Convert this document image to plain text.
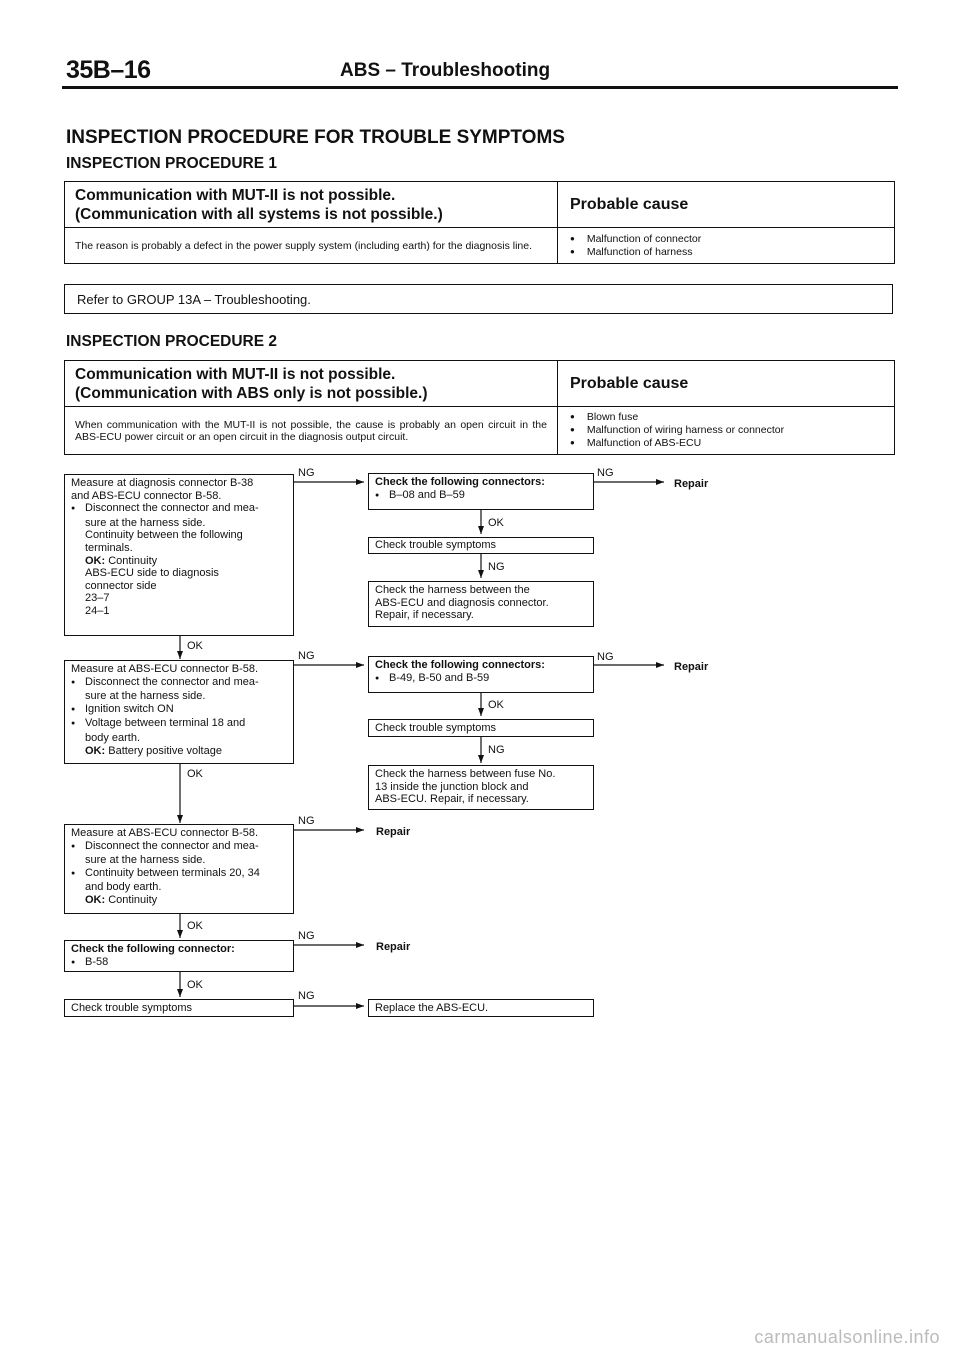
35B–16	ABS – Troubleshooting
INSPECTION PROCEDURE FOR TROUBLE SYMPTOMS
INSPECTION PROCEDURE 1
Communication with MUT-II is not possible.
(Communication with all systems is not possible.)	Probable cause
The reason is probably a defect in the power supply system (including earth) for the diagnosis line.	● Malfunction of connector
● Malfunction of harness
Refer to GROUP 13A – Troubleshooting.
INSPECTION PROCEDURE 2
Communication with MUT-II is not possible.
(Communication with ABS only is not possible.)	Probable cause
When communication with the MUT-II is not possible, the cause is probably an open circuit in the ABS-ECU power circuit or an open circuit in the diagnosis output circuit.	● Blown fuse
● Malfunction of wiring harness or connector
● Malfunction of ABS-ECU
Measure at diagnosis connector B-38
and ABS-ECU connector B-58.
● Disconnect the connector and mea-
sure at the harness side.
Continuity between the following
terminals.
OK: Continuity
ABS-ECU side to diagnosis
connector side
23–7
24–1
NG
Check the following connectors:
● B–08 and B–59
NG
Repair
OK
Check trouble symptoms
NG
Check the harness between the
ABS-ECU and diagnosis connector.
Repair, if necessary.
OK
Measure at ABS-ECU connector B-58.
● Disconnect the connector and mea-
sure at the harness side.
● Ignition switch ON
● Voltage between terminal 18 and
body earth.
OK: Battery positive voltage
NG
Check the following connectors:
● B-49, B-50 and B-59
NG
Repair
OK
Check trouble symptoms
NG
Check the harness between fuse No.
13 inside the junction block and
ABS-ECU. Repair, if necessary.
OK
Measure at ABS-ECU connector B-58.
● Disconnect the connector and mea-
sure at the harness side.
● Continuity between terminals 20, 34
and body earth.
OK: Continuity
NG
Repair
OK
Check the following connector:
● B-58
NG
Repair
OK
Check trouble symptoms
NG
Replace the ABS-ECU.
carmanualsonline.info
